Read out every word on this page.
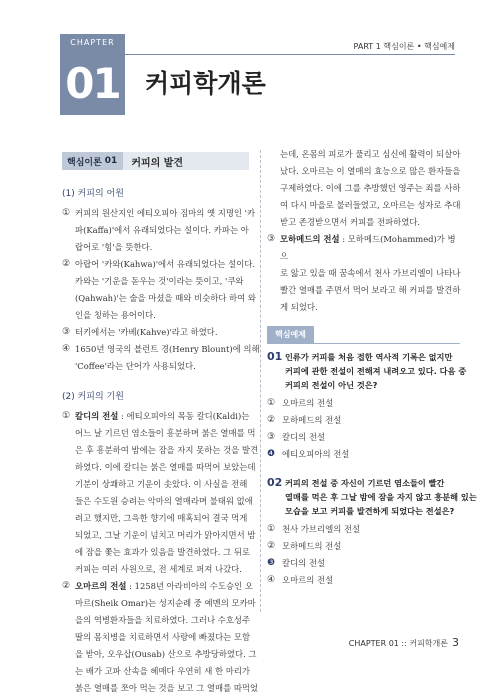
CHAPTER
01
PART 1 핵심이론 • 핵심예제
커피학개론
핵심이론 01	커피의 발견
(1) 커피의 어원
① 커피의 원산지인 에티오피아 짐마의 옛 지명인 '카
파(Kaffa)'에서 유래되었다는 설이다. 카파는 아
랍어로 '힘'을 뜻한다.
② 아랍어 '카와(Kahwa)'에서 유래되었다는 설이다.
카와는 '기운을 돋우는 것'이라는 뜻이고, '쿠와
(Qahwah)'는 술을 마셨을 때와 비슷하다 하여 와
인을 칭하는 용어이다.
③ 터키에서는 '카베(Kahve)'라고 하였다.
④ 1650년 영국의 블런트 경(Henry Blount)에 의해
'Coffee'라는 단어가 사용되었다.
(2) 커피의 기원
① 칼디의 전설 : 에티오피아의 목동 칼디(Kaldi)는
어느 날 기르던 염소들이 흥분하며 붉은 열매를 먹
은 후 흥분하여 밤에는 잠을 자지 못하는 것을 발견
하였다. 이에 칼디는 붉은 열매를 따먹어 보았는데
기분이 상쾌하고 기운이 솟았다. 이 사실을 전해
들은 수도원 승려는 악마의 열매라며 불태워 없애
려고 했지만, 그윽한 향기에 매혹되어 결국 먹게
되었고, 그날 기운이 넘치고 머리가 맑아지면서 밤
에 잠을 쫓는 효과가 있음을 발견하였다. 그 뒤로
커피는 여러 사원으로, 전 세계로 퍼져 나갔다.
② 오마르의 전설 : 1258년 아라비아의 수도승인 오
마르(Sheik Omar)는 성지순례 중 예멘의 모카마
을의 역병환자들을 치료하였다. 그러나 수호성주
딸의 몸치병을 치료하면서 사랑에 빠졌다는 모함
을 받아, 오우삽(Ousab) 산으로 추방당하였다. 그
는 배가 고파 산속을 헤매다 우연히 새 한 마리가
붉은 열매를 쪼아 먹는 것을 보고 그 열매를 따먹었
는데, 온몸의 피로가 풀리고 심신에 활력이 되살아
났다. 오마르는 이 열매의 효능으로 많은 환자들을
구제하였다. 이에 그를 추방했던 영주는 죄를 사하
여 다시 마을로 불러들였고, 오마르는 성자로 추대
받고 존경받으면서 커피를 전파하였다.
③ 모하메드의 전설 : 모하메드(Mohammed)가 병으
로 앓고 있을 때 꿈속에서 천사 가브리엘이 나타나
빨간 열매를 주면서 먹어 보라고 해 커피를 발견하
게 되었다.
핵심예제
01 인류가 커피를 처음 접한 역사적 기록은 없지만
커피에 관한 전설이 전해져 내려오고 있다. 다음 중
커피의 전설이 아닌 것은?
① 오마르의 전설
② 모하메드의 전설
③ 칼디의 전설
❹ 에티오피아의 전설
02 커피의 전설 중 자신이 기르던 염소들이 빨간
열매를 먹은 후 그날 밤에 잠을 자지 않고 흥분해 있는
모습을 보고 커피를 발견하게 되었다는 전설은?
① 천사 가브리엘의 전설
② 모하메드의 전설
❸ 칼디의 전설
④ 오마르의 전설
CHAPTER 01 :: 커피학개론 3
